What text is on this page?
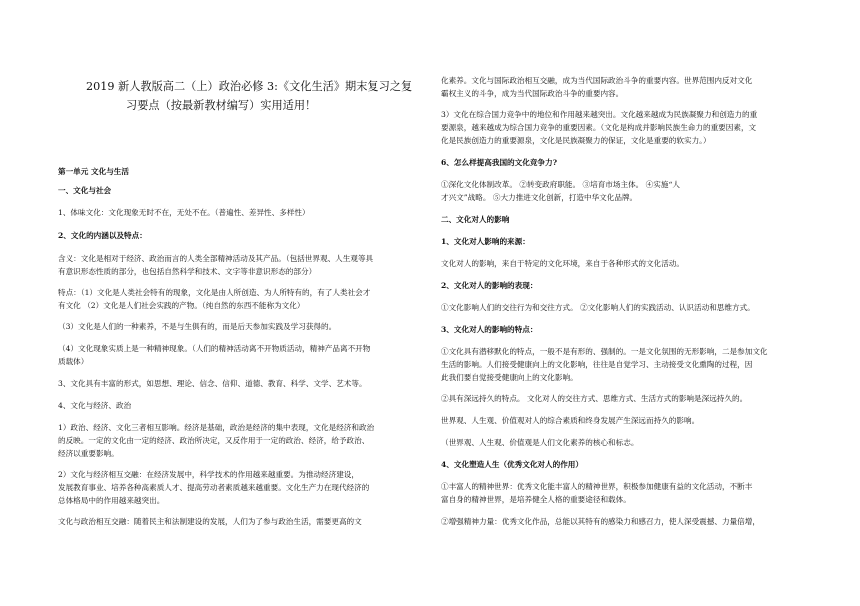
2019 新人教版高二（上）政治必修 3:《文化生活》期末复习之复
习要点（按最新教材编写）实用适用！
第一单元 文化与生活
一、文化与社会
1、体味文化：文化现象无时不在，无处不在。（普遍性、差异性、多样性）
2、文化的内涵以及特点：
含义：文化是相对于经济、政治而言的人类全部精神活动及其产品。（包括世界观、人生观等具
有意识形态性质的部分，也包括自然科学和技术、文字等非意识形态的部分）
特点：（1）文化是人类社会特有的现象，文化是由人所创造、为人所特有的，有了人类社会才
有文化 （2）文化是人们社会实践的产物。（纯自然的东西不能称为文化）
（3）文化是人们的一种素养，不是与生俱有的，而是后天参加实践及学习获得的。
（4）文化现象实质上是一种精神现象。（人们的精神活动离不开物质活动，精神产品离不开物
质载体）
3、文化具有丰富的形式，如思想、理论、信念、信仰、道德、教育、科学、文学、艺术等。
4、文化与经济、政治
1）政治、经济、文化三者相互影响。经济是基础，政治是经济的集中表现，文化是经济和政治
的反映。一定的文化由一定的经济、政治所决定，又反作用于一定的政治、经济，给予政治、
经济以重要影响。
2）文化与经济相互交融：在经济发展中，科学技术的作用越来越重要。为推动经济建设，
发展教育事业、培养各种高素质人才、提高劳动者素质越来越重要。文化生产力在现代经济的
总体格局中的作用越来越突出。
文化与政治相互交融：随着民主和法制建设的发展，人们为了参与政治生活，需要更高的文
化素养。文化与国际政治相互交融，成为当代国际政治斗争的重要内容。世界范围内反对文化
霸权主义的斗争，成为当代国际政治斗争的重要内容。
3）文化在综合国力竞争中的地位和作用越来越突出。文化越来越成为民族凝聚力和创造力的重
要源泉，越来越成为综合国力竞争的重要因素。（文化是构成并影响民族生命力的重要因素，文
化是民族创造力的重要源泉，文化是民族凝聚力的保证，文化是重要的软实力。）
6、怎么样提高我国的文化竞争力?
①深化文化体制改革。 ②转变政府职能。 ③培育市场主体。 ④实施“人
才兴文”战略。 ⑤大力推进文化创新，打造中华文化品牌。
二、文化对人的影响
1、文化对人影响的来源：
文化对人的影响，来自于特定的文化环境，来自于各种形式的文化活动。
2、文化对人的影响的表现：
①文化影响人们的交往行为和交往方式。 ②文化影响人们的实践活动、认识活动和思维方式。
3、文化对人的影响的特点：
①文化具有潜移默化的特点，一般不是有形的、强制的。一是文化氛围的无形影响，二是参加文化
生活的影响。人们接受健康向上的文化影响，往往是自觉学习、主动接受文化熏陶的过程，因
此我们要自觉接受健康向上的文化影响。
②具有深远持久的特点。 文化对人的交往方式、思维方式、生活方式的影响是深远持久的。
世界观、人生观、价值观对人的综合素质和终身发展产生深远而持久的影响。
（世界观、人生观、价值观是人们文化素养的核心和标志。
4、文化塑造人生（优秀文化对人的作用）
①丰富人的精神世界：优秀文化能丰富人的精神世界，积极参加健康有益的文化活动，不断丰
富自身的精神世界，是培养健全人格的重要途径和载体。
②增强精神力量：优秀文化作品，总能以其特有的感染力和感召力，使人深受震撼、力量倍增，
